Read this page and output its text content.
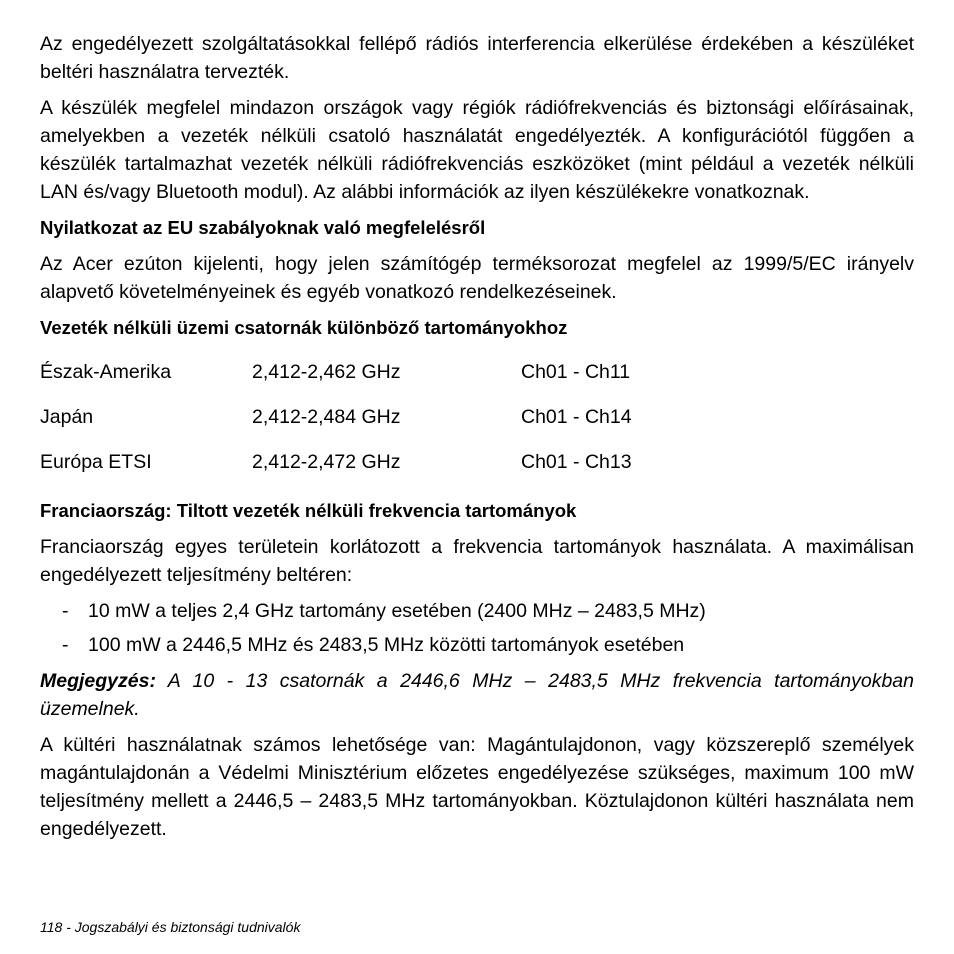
Az engedélyezett szolgáltatásokkal fellépő rádiós interferencia elkerülése érdekében a készüléket beltéri használatra tervezték.

A készülék megfelel mindazon országok vagy régiók rádiófrekvenciás és biztonsági előírásainak, amelyekben a vezeték nélküli csatoló használatát engedélyezték. A konfigurációtól függően a készülék tartalmazhat vezeték nélküli rádiófrekvenciás eszközöket (mint például a vezeték nélküli LAN és/vagy Bluetooth modul). Az alábbi információk az ilyen készülékekre vonatkoznak.

Nyilatkozat az EU szabályoknak való megfelelésről

Az Acer ezúton kijelenti, hogy jelen számítógép terméksorozat megfelel az 1999/5/EC irányelv alapvető követelményeinek és egyéb vonatkozó rendelkezéseinek.

Vezeték nélküli üzemi csatornák különböző tartományokhoz

Észak-Amerika	2,412-2,462 GHz	Ch01 - Ch11
Japán	2,412-2,484 GHz	Ch01 - Ch14
Európa ETSI	2,412-2,472 GHz	Ch01 - Ch13

Franciaország: Tiltott vezeték nélküli frekvencia tartományok

Franciaország egyes területein korlátozott a frekvencia tartományok használata. A maximálisan engedélyezett teljesítmény beltéren:

- 10 mW a teljes 2,4 GHz tartomány esetében (2400 MHz – 2483,5 MHz)
- 100 mW a 2446,5 MHz és 2483,5 MHz közötti tartományok esetében

Megjegyzés: A 10 - 13 csatornák a 2446,6 MHz – 2483,5 MHz frekvencia tartományokban üzemelnek.

A kültéri használatnak számos lehetősége van: Magántulajdonon, vagy közszereplő személyek magántulajdonán a Védelmi Minisztérium előzetes engedélyezése szükséges, maximum 100 mW teljesítmény mellett a 2446,5 – 2483,5 MHz tartományokban. Köztulajdonon kültéri használata nem engedélyezett.

118 - Jogszabályi és biztonsági tudnivalók
